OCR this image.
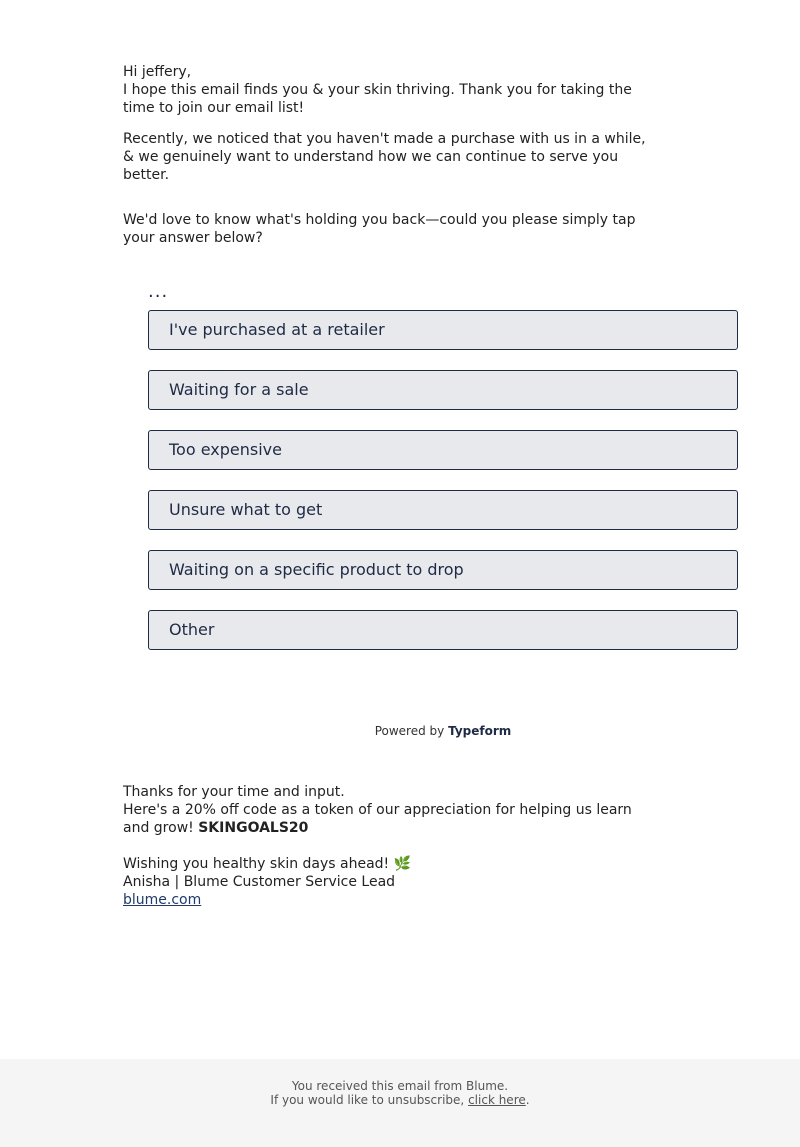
Hi jeffery,

I hope this email finds you & your skin thriving. Thank you for taking the time to join our email list!

Recently, we noticed that you haven't made a purchase with us in a while, & we genuinely want to understand how we can continue to serve you better.

We'd love to know what's holding you back—could you please simply tap your answer below?

...
I've purchased at a retailer
Waiting for a sale
Too expensive
Unsure what to get
Waiting on a specific product to drop
Other
Powered by Typeform

Thanks for your time and input.

Here's a 20% off code as a token of our appreciation for helping us learn and grow! SKINGOALS20

Wishing you healthy skin days ahead! 🌿

Anisha | Blume Customer Service Lead

blume.com

You received this email from Blume.
If you would like to unsubscribe, click here.
